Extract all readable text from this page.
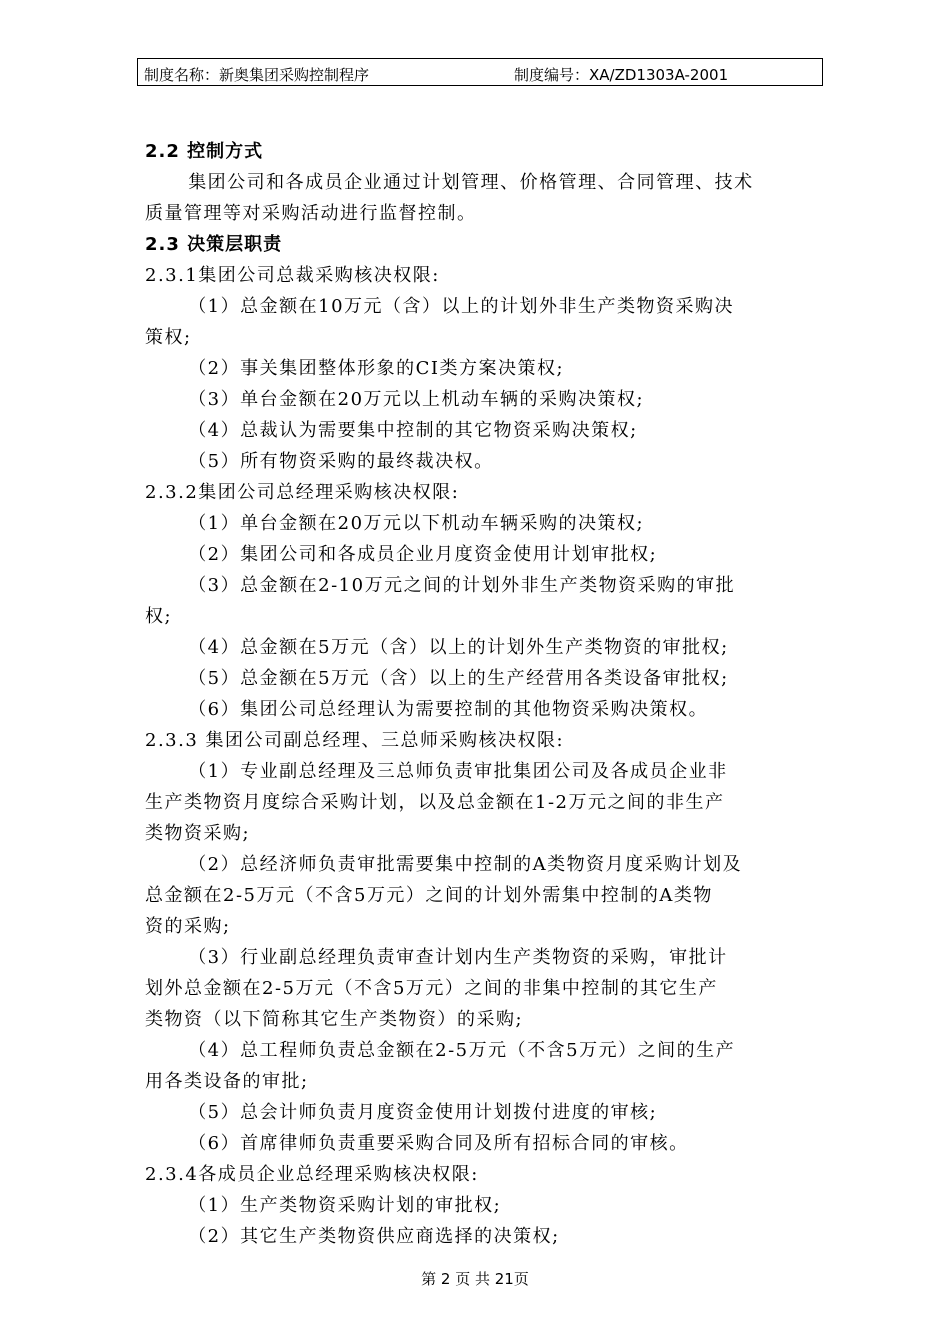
制度名称：新奥集团采购控制程序	制度编号：XA/ZD1303A-2001

2.2 控制方式

集团公司和各成员企业通过计划管理、价格管理、合同管理、技术

质量管理等对采购活动进行监督控制。

2.3 决策层职责

2.3.1集团公司总裁采购核决权限:

（1）总金额在10万元（含）以上的计划外非生产类物资采购决

策权;

（2）事关集团整体形象的CI类方案决策权;

（3）单台金额在20万元以上机动车辆的采购决策权;

（4）总裁认为需要集中控制的其它物资采购决策权;

（5）所有物资采购的最终裁决权。

2.3.2集团公司总经理采购核决权限:

（1）单台金额在20万元以下机动车辆采购的决策权;

（2）集团公司和各成员企业月度资金使用计划审批权;

（3）总金额在2-10万元之间的计划外非生产类物资采购的审批

权;

（4）总金额在5万元（含）以上的计划外生产类物资的审批权;

（5）总金额在5万元（含）以上的生产经营用各类设备审批权;

（6）集团公司总经理认为需要控制的其他物资采购决策权。

2.3.3 集团公司副总经理、三总师采购核决权限:

（1）专业副总经理及三总师负责审批集团公司及各成员企业非

生产类物资月度综合采购计划，以及总金额在1-2万元之间的非生产

类物资采购;

（2）总经济师负责审批需要集中控制的A类物资月度采购计划及

总金额在2-5万元（不含5万元）之间的计划外需集中控制的A类物

资的采购;

（3）行业副总经理负责审查计划内生产类物资的采购，审批计

划外总金额在2-5万元（不含5万元）之间的非集中控制的其它生产

类物资（以下简称其它生产类物资）的采购;

（4）总工程师负责总金额在2-5万元（不含5万元）之间的生产

用各类设备的审批;

（5）总会计师负责月度资金使用计划拨付进度的审核;

（6）首席律师负责重要采购合同及所有招标合同的审核。

2.3.4各成员企业总经理采购核决权限:

（1）生产类物资采购计划的审批权;

（2）其它生产类物资供应商选择的决策权;

第 2 页 共 21页
